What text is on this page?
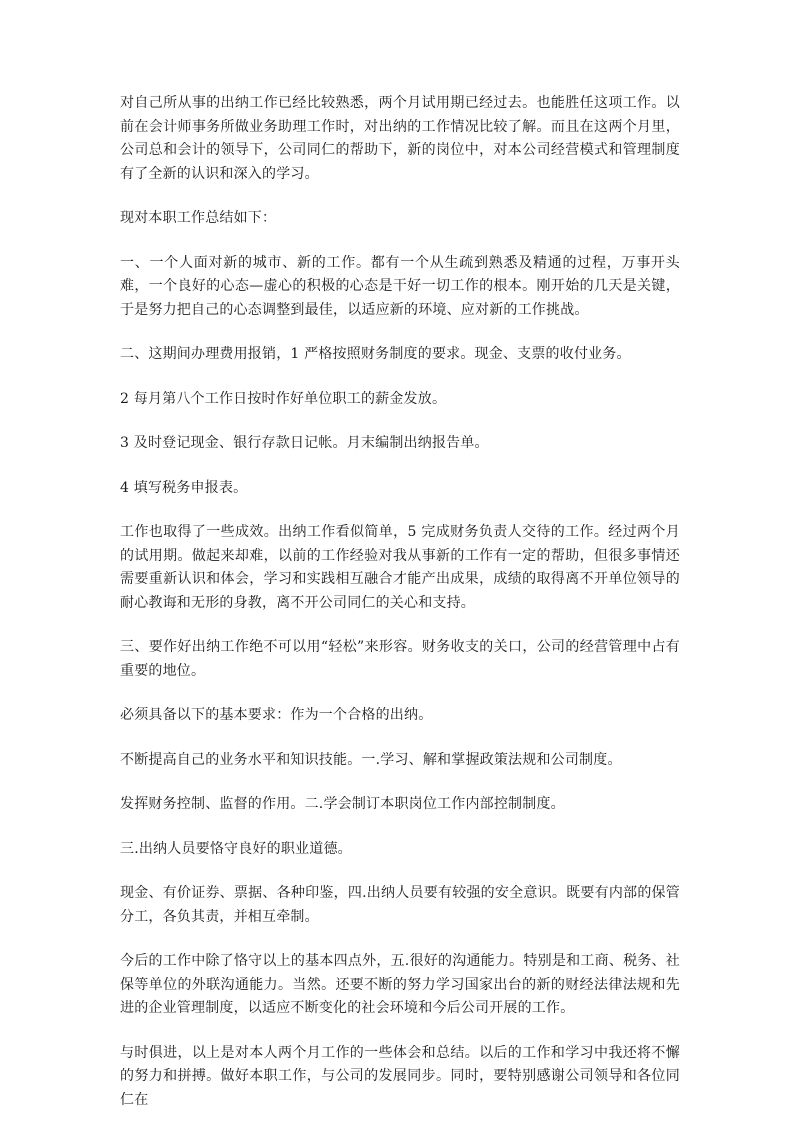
对自己所从事的出纳工作已经比较熟悉，两个月试用期已经过去。也能胜任这项工作。以前在会计师事务所做业务助理工作时，对出纳的工作情况比较了解。而且在这两个月里，公司总和会计的领导下，公司同仁的帮助下，新的岗位中，对本公司经营模式和管理制度有了全新的认识和深入的学习。

现对本职工作总结如下：

一、一个人面对新的城市、新的工作。都有一个从生疏到熟悉及精通的过程，万事开头难，一个良好的心态—虚心的积极的心态是干好一切工作的根本。刚开始的几天是关键，于是努力把自己的心态调整到最佳，以适应新的环境、应对新的工作挑战。

二、这期间办理费用报销，1 严格按照财务制度的要求。现金、支票的收付业务。

2 每月第八个工作日按时作好单位职工的薪金发放。

3 及时登记现金、银行存款日记帐。月末编制出纳报告单。

4 填写税务申报表。

工作也取得了一些成效。出纳工作看似简单，5 完成财务负责人交待的工作。经过两个月的试用期。做起来却难，以前的工作经验对我从事新的工作有一定的帮助，但很多事情还需要重新认识和体会，学习和实践相互融合才能产出成果，成绩的取得离不开单位领导的耐心教诲和无形的身教，离不开公司同仁的关心和支持。

三、要作好出纳工作绝不可以用“轻松”来形容。财务收支的关口，公司的经营管理中占有重要的地位。

必须具备以下的基本要求：作为一个合格的出纳。

不断提高自己的业务水平和知识技能。一.学习、解和掌握政策法规和公司制度。

发挥财务控制、监督的作用。二.学会制订本职岗位工作内部控制制度。

三.出纳人员要恪守良好的职业道德。

现金、有价证券、票据、各种印鉴，四.出纳人员要有较强的安全意识。既要有内部的保管分工，各负其责，并相互牵制。

今后的工作中除了恪守以上的基本四点外，五.很好的沟通能力。特别是和工商、税务、社保等单位的外联沟通能力。当然。还要不断的努力学习国家出台的新的财经法律法规和先进的企业管理制度，以适应不断变化的社会环境和今后公司开展的工作。

与时俱进，以上是对本人两个月工作的一些体会和总结。以后的工作和学习中我还将不懈的努力和拼搏。做好本职工作，与公司的发展同步。同时，要特别感谢公司领导和各位同仁在
